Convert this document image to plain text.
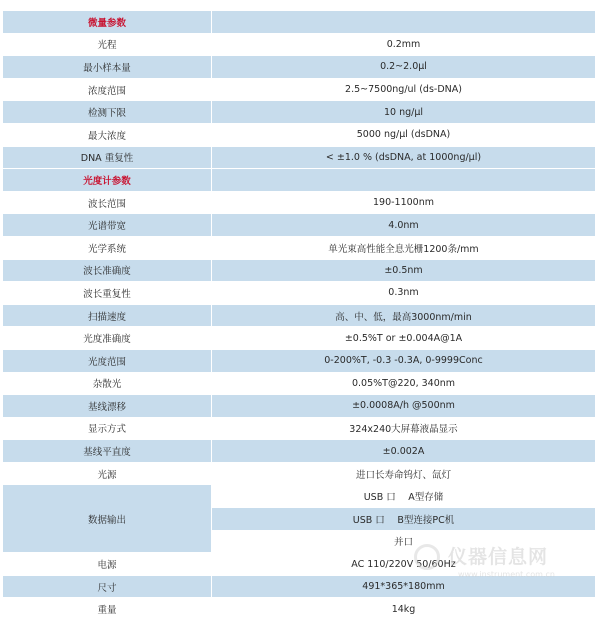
微量参数	
光程	0.2mm
最小样本量	0.2~2.0μl
浓度范围	2.5~7500ng/ul (ds-DNA)
检测下限	10 ng/μl
最大浓度	5000 ng/μl (dsDNA)
DNA 重复性	< ±1.0 % (dsDNA, at 1000ng/μl)
光度计参数	
波长范围	190-1100nm
光谱带宽	4.0nm
光学系统	单光束高性能全息光栅1200条/mm
波长准确度	±0.5nm
波长重复性	0.3nm
扫描速度	高、中、低，最高3000nm/min
光度准确度	±0.5%T or ±0.004A@1A
光度范围	0-200%T, -0.3 -0.3A, 0-9999Conc
杂散光	0.05%T@220, 340nm
基线漂移	±0.0008A/h @500nm
显示方式	324x240大屏幕液晶显示
基线平直度	±0.002A
光源	进口长寿命钨灯、氙灯
数据输出	USB 口　 A型存储
	USB 口　 B型连接PC机
	并口
电源	AC 110/220V 50/60Hz
尺寸	491*365*180mm
重量	14kg
仪器信息网
www.instrument.com.cn
